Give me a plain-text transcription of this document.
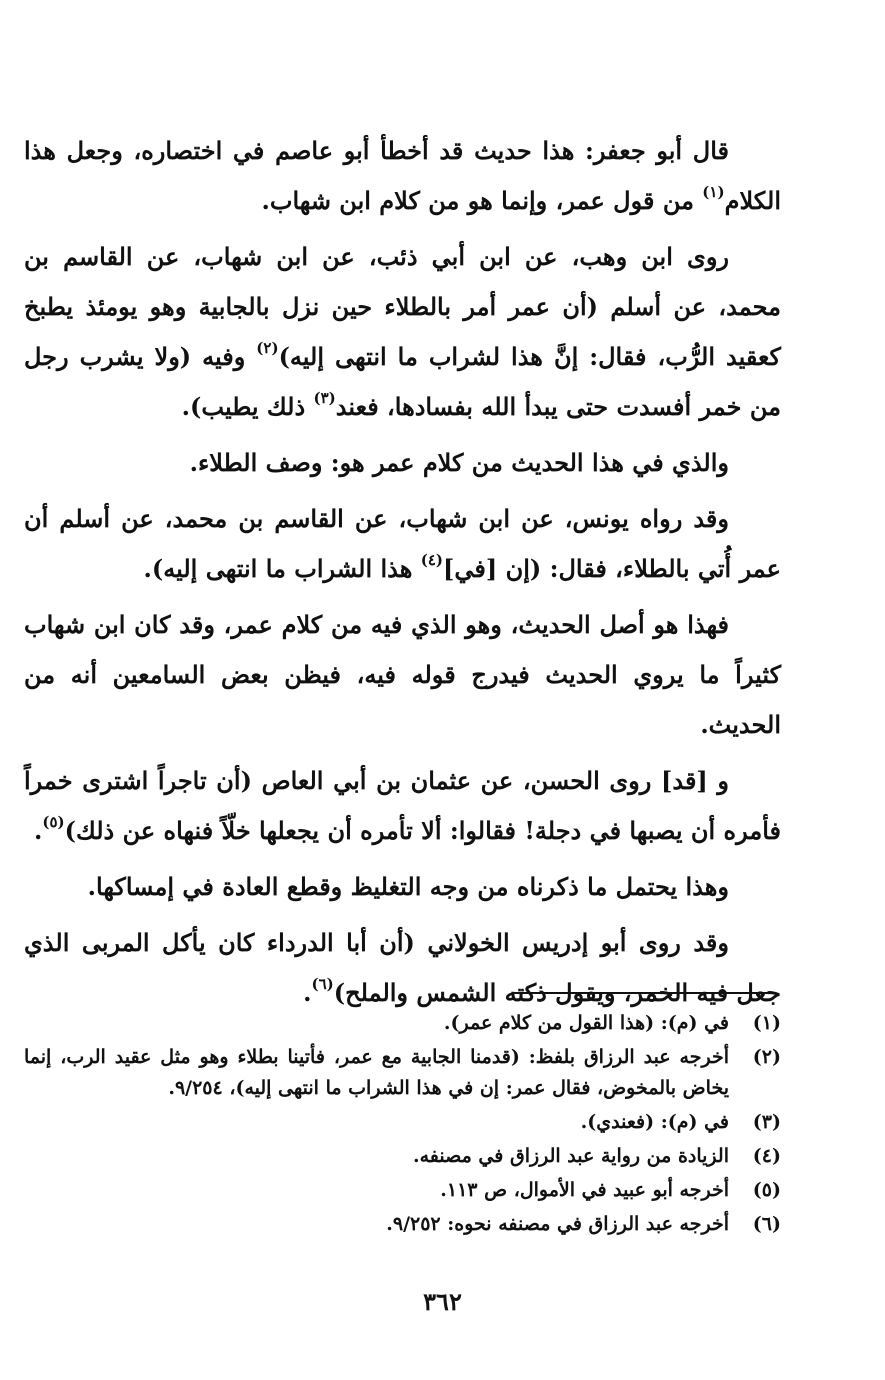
قال أبو جعفر: هذا حديث قد أخطأ أبو عاصم في اختصاره، وجعل هذا الكلام$^{(١)}$ من قول عمر، وإنما هو من كلام ابن شهاب.

روى ابن وهب، عن ابن أبي ذئب، عن ابن شهاب، عن القاسم بن محمد، عن أسلم (أن عمر أمر بالطلاء حين نزل بالجابية وهو يومئذ يطبخ كعقيد الرُّب، فقال: إنَّ هذا لشراب ما انتهى إليه)$^{(٢)}$ وفيه (ولا يشرب رجل من خمر أفسدت حتى يبدأ الله بفسادها، فعند$^{(٣)}$ ذلك يطيب).

والذي في هذا الحديث من كلام عمر هو: وصف الطلاء.

وقد رواه يونس، عن ابن شهاب، عن القاسم بن محمد، عن أسلم أن عمر أُتي بالطلاء، فقال: (إن [في]$^{(٤)}$ هذا الشراب ما انتهى إليه).

فهذا هو أصل الحديث، وهو الذي فيه من كلام عمر، وقد كان ابن شهاب كثيراً ما يروي الحديث فيدرج قوله فيه، فيظن بعض السامعين أنه من الحديث.

و [قد] روى الحسن، عن عثمان بن أبي العاص (أن تاجراً اشترى خمراً فأمره أن يصبها في دجلة! فقالوا: ألا تأمره أن يجعلها خلّاً فنهاه عن ذلك)$^{(٥)}$.

وهذا يحتمل ما ذكرناه من وجه التغليظ وقطع العادة في إمساكها.

وقد روى أبو إدريس الخولاني (أن أبا الدرداء كان يأكل المربى الذي جعل فيه الخمر، ويقول ذكته الشمس والملح)$^{(٦)}$.

(١)
في (م): (هذا القول من كلام عمر).
(٢)
أخرجه عبد الرزاق بلفظ: (قدمنا الجابية مع عمر، فأتينا بطلاء وهو مثل عقيد الرب، إنما يخاض بالمخوض، فقال عمر: إن في هذا الشراب ما انتهى إليه)، ٩/٢٥٤.
(٣)
في (م): (فعندي).
(٤)
الزيادة من رواية عبد الرزاق في مصنفه.
(٥)
أخرجه أبو عبيد في الأموال، ص ١١٣.
(٦)
أخرجه عبد الرزاق في مصنفه نحوه: ٩/٢٥٢.
٣٦٢
